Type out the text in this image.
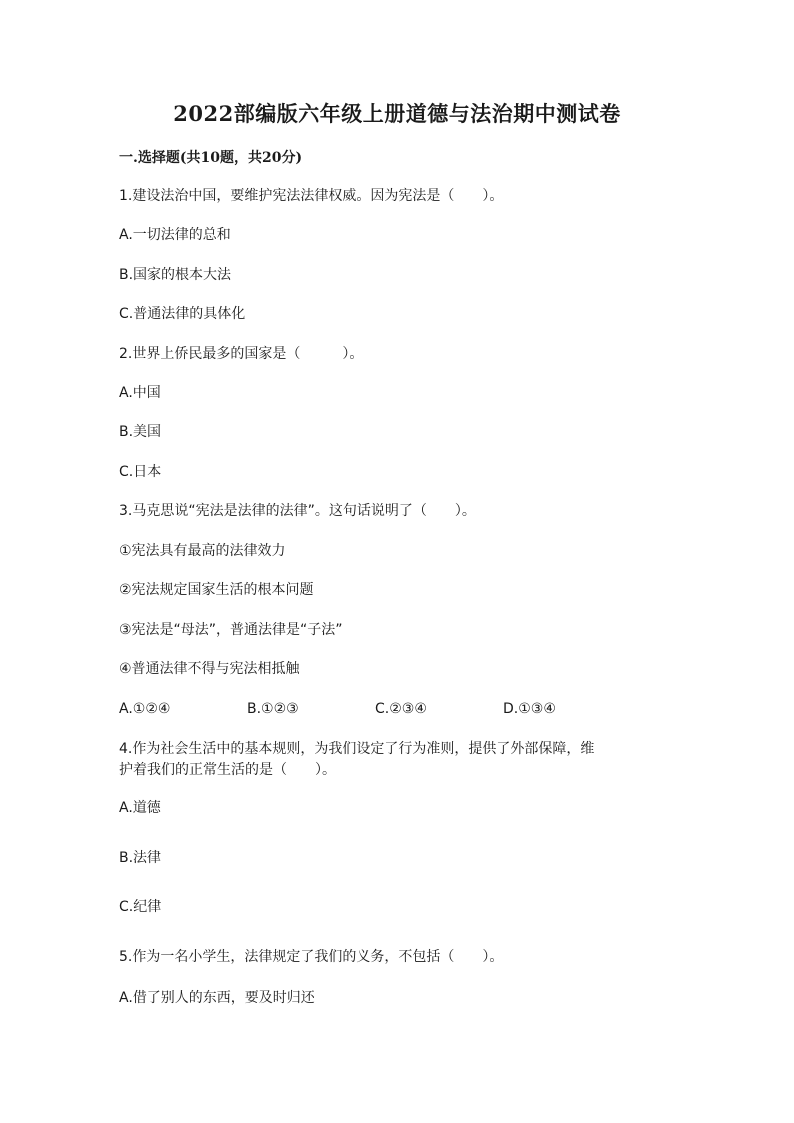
2022部编版六年级上册道德与法治期中测试卷
一.选择题(共10题，共20分)
1.建设法治中国，要维护宪法法律权威。因为宪法是（　　）。
A.一切法律的总和
B.国家的根本大法
C.普通法律的具体化
2.世界上侨民最多的国家是（　　　）。
A.中国
B.美国
C.日本
3.马克思说“宪法是法律的法律”。这句话说明了（　　）。
①宪法具有最高的法律效力
②宪法规定国家生活的根本问题
③宪法是“母法”，普通法律是“子法”
④普通法律不得与宪法相抵触
A.①②④	B.①②③	C.②③④	D.①③④
4.作为社会生活中的基本规则，为我们设定了行为准则，提供了外部保障，维
护着我们的正常生活的是（　　）。
A.道德
B.法律
C.纪律
5.作为一名小学生，法律规定了我们的义务，不包括（　　）。
A.借了别人的东西，要及时归还
